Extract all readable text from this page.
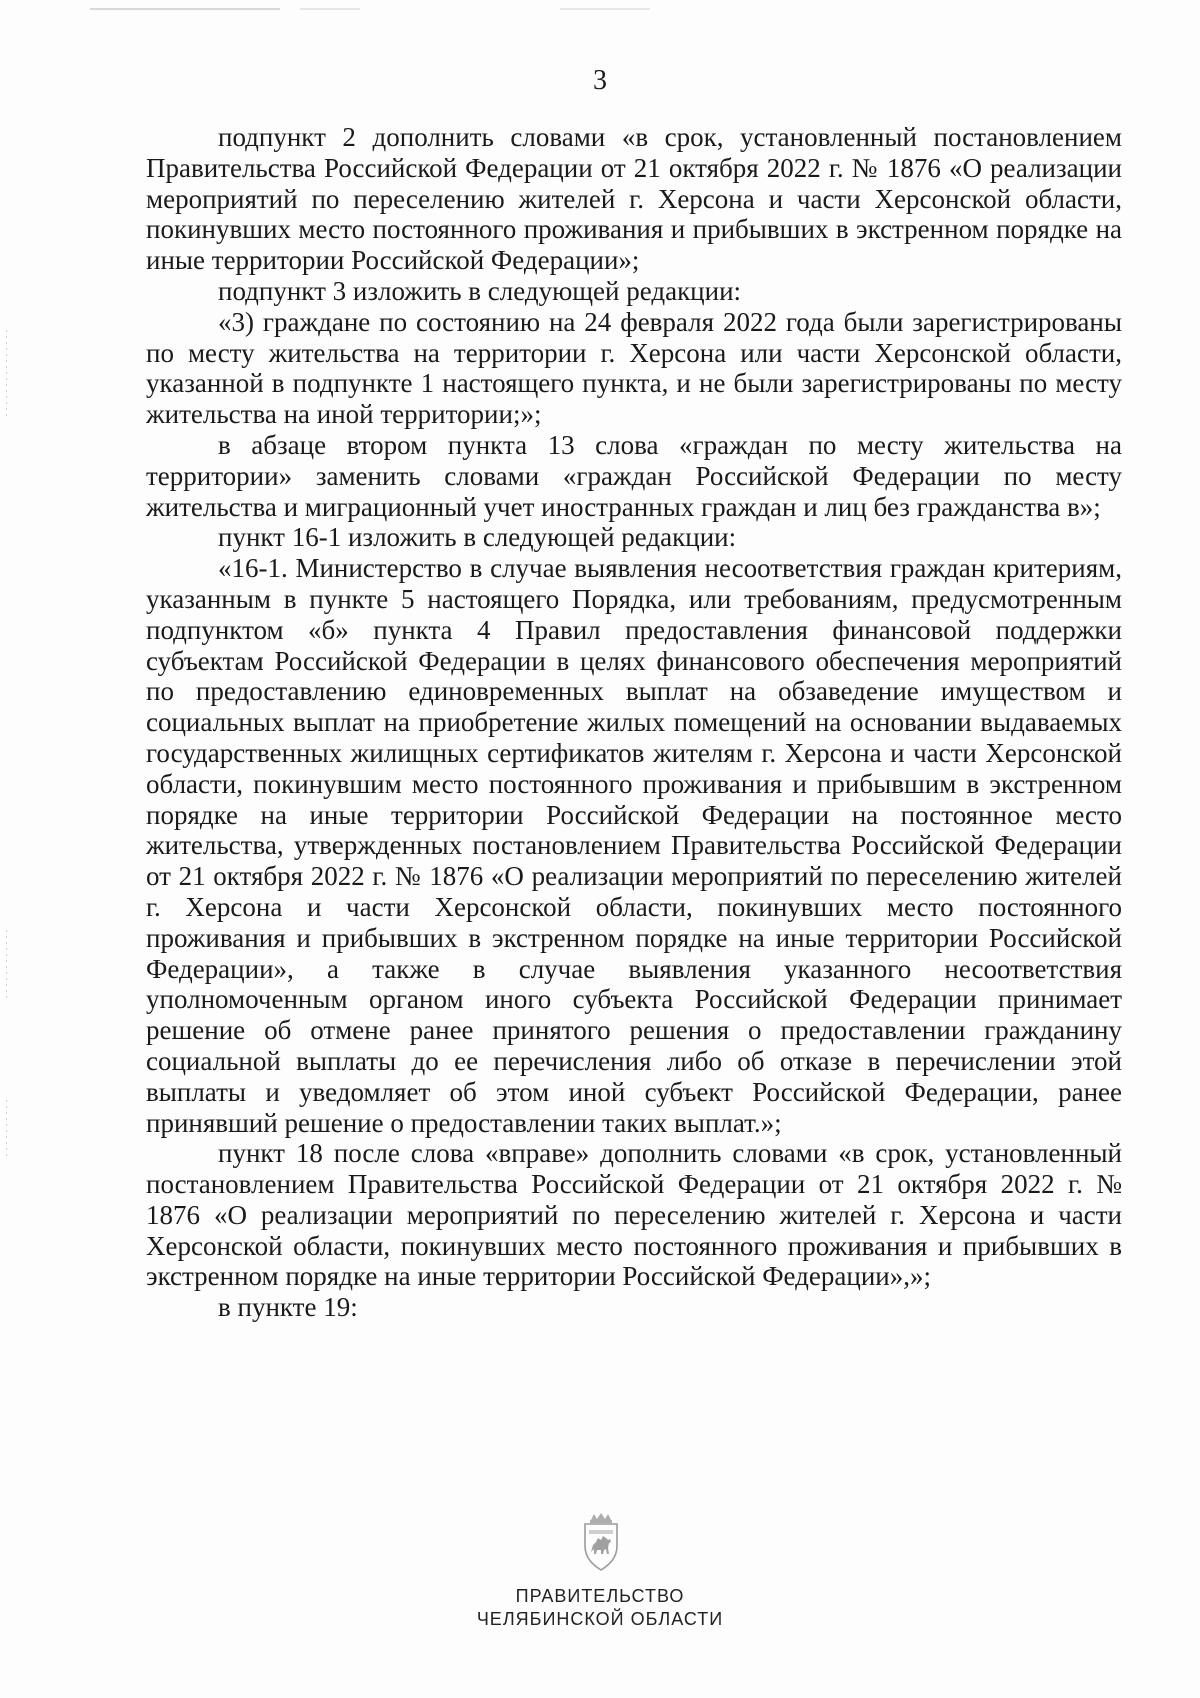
3

подпункт 2 дополнить словами «в срок, установленный постановлением Правительства Российской Федерации от 21 октября 2022 г. № 1876 «О реализации мероприятий по переселению жителей г. Херсона и части Херсонской области, покинувших место постоянного проживания и прибывших в экстренном порядке на иные территории Российской Федерации»;

подпункт 3 изложить в следующей редакции:

«3) граждане по состоянию на 24 февраля 2022 года были зарегистрированы по месту жительства на территории г. Херсона или части Херсонской области, указанной в подпункте 1 настоящего пункта, и не были зарегистрированы по месту жительства на иной территории;»;

в абзаце втором пункта 13 слова «граждан по месту жительства на территории» заменить словами «граждан Российской Федерации по месту жительства и миграционный учет иностранных граждан и лиц без гражданства в»;

пункт 16-1 изложить в следующей редакции:

«16-1. Министерство в случае выявления несоответствия граждан критериям, указанным в пункте 5 настоящего Порядка, или требованиям, предусмотренным подпунктом «б» пункта 4 Правил предоставления финансовой поддержки субъектам Российской Федерации в целях финансового обеспечения мероприятий по предоставлению единовременных выплат на обзаведение имуществом и социальных выплат на приобретение жилых помещений на основании выдаваемых государственных жилищных сертификатов жителям г. Херсона и части Херсонской области, покинувшим место постоянного проживания и прибывшим в экстренном порядке на иные территории Российской Федерации на постоянное место жительства, утвержденных постановлением Правительства Российской Федерации от 21 октября 2022 г. № 1876 «О реализации мероприятий по переселению жителей г. Херсона и части Херсонской области, покинувших место постоянного проживания и прибывших в экстренном порядке на иные территории Российской Федерации», а также в случае выявления указанного несоответствия уполномоченным органом иного субъекта Российской Федерации принимает решение об отмене ранее принятого решения о предоставлении гражданину социальной выплаты до ее перечисления либо об отказе в перечислении этой выплаты и уведомляет об этом иной субъект Российской Федерации, ранее принявший решение о предоставлении таких выплат.»;

пункт 18 после слова «вправе» дополнить словами «в срок, установленный постановлением Правительства Российской Федерации от 21 октября 2022 г. № 1876 «О реализации мероприятий по переселению жителей г. Херсона и части Херсонской области, покинувших место постоянного проживания и прибывших в экстренном порядке на иные территории Российской Федерации»,»;

в пункте 19:

ПРАВИТЕЛЬСТВО
ЧЕЛЯБИНСКОЙ ОБЛАСТИ
